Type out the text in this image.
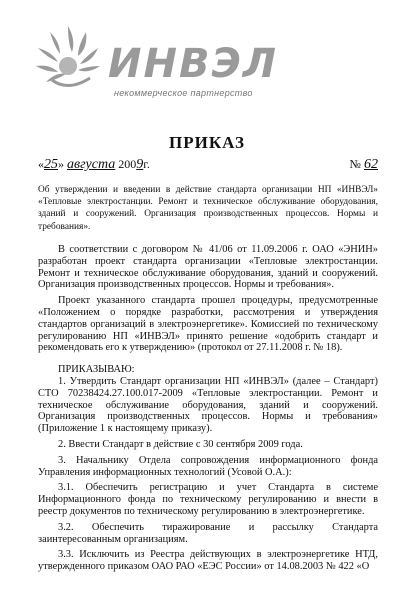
ИНВЭЛ
некоммерческое партнерство
ПРИКАЗ
«25» августа 2009г.	№ 62
Об утверждении и введении в действие стандарта организации НП «ИНВЭЛ» «Тепловые электростанции. Ремонт и техническое обслуживание оборудования, зданий и сооружений. Организация производственных процессов. Нормы и требования».

В соответствии с договором № 41/06 от 11.09.2006 г. ОАО «ЭНИН» разработан проект стандарта организации «Тепловые электростанции. Ремонт и техническое обслуживание оборудования, зданий и сооружений. Организация производственных процессов. Нормы и требования».

Проект указанного стандарта прошел процедуры, предусмотренные «Положением о порядке разработки, рассмотрения и утверждения стандартов организаций в электроэнергетике». Комиссией по техническому регулированию НП «ИНВЭЛ» принято решение «одобрить стандарт и рекомендовать его к утверждению» (протокол от 27.11.2008 г. № 18).

ПРИКАЗЫВАЮ:

1. Утвердить Стандарт организации НП «ИНВЭЛ» (далее – Стандарт) СТО 70238424.27.100.017-2009 «Тепловые электростанции. Ремонт и техническое обслуживание оборудования, зданий и сооружений. Организация производственных процессов. Нормы и требования» (Приложение 1 к настоящему приказу).

2. Ввести Стандарт в действие с 30 сентября 2009 года.

3. Начальнику Отдела сопровождения информационного фонда Управления информационных технологий (Усовой О.А.):

3.1. Обеспечить регистрацию и учет Стандарта в системе Информационного фонда по техническому регулированию и внести в реестр документов по техническому регулированию в электроэнергетике.

3.2. Обеспечить тиражирование и рассылку Стандарта заинтересованным организациям.

3.3. Исключить из Реестра действующих в электроэнергетике НТД, утвержденного приказом ОАО РАО «ЕЭС России» от 14.08.2003 № 422 «О
